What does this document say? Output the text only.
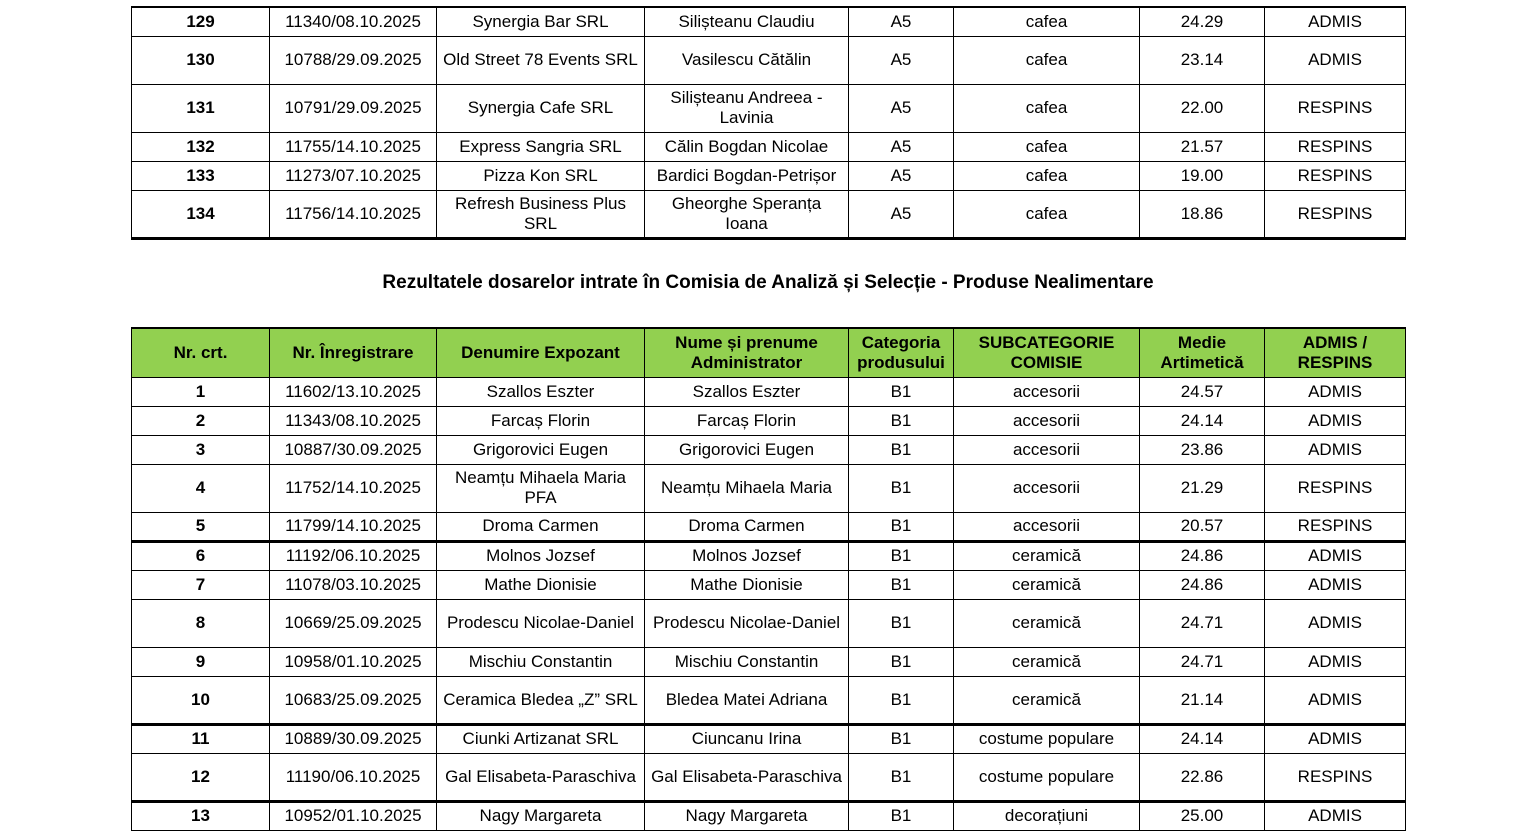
129	11340/08.10.2025	Synergia Bar SRL	Silișteanu Claudiu	A5	cafea	24.29	ADMIS
130	10788/29.09.2025	Old Street 78 Events SRL	Vasilescu Cătălin	A5	cafea	23.14	ADMIS
131	10791/29.09.2025	Synergia Cafe SRL	Silișteanu Andreea - Lavinia	A5	cafea	22.00	RESPINS
132	11755/14.10.2025	Express Sangria SRL	Călin Bogdan Nicolae	A5	cafea	21.57	RESPINS
133	11273/07.10.2025	Pizza Kon SRL	Bardici Bogdan-Petrișor	A5	cafea	19.00	RESPINS
134	11756/14.10.2025	Refresh Business Plus SRL	Gheorghe Speranța Ioana	A5	cafea	18.86	RESPINS
Rezultatele dosarelor intrate în Comisia de Analiză și Selecție - Produse Nealimentare
Nr. crt.	Nr. Înregistrare	Denumire Expozant	Nume și prenume Administrator	Categoria produsului	SUBCATEGORIE COMISIE	Medie Artimetică	ADMIS / RESPINS
1	11602/13.10.2025	Szallos Eszter	Szallos Eszter	B1	accesorii	24.57	ADMIS
2	11343/08.10.2025	Farcaș Florin	Farcaș Florin	B1	accesorii	24.14	ADMIS
3	10887/30.09.2025	Grigorovici Eugen	Grigorovici Eugen	B1	accesorii	23.86	ADMIS
4	11752/14.10.2025	Neamțu Mihaela Maria PFA	Neamțu Mihaela Maria	B1	accesorii	21.29	RESPINS
5	11799/14.10.2025	Droma Carmen	Droma Carmen	B1	accesorii	20.57	RESPINS
6	11192/06.10.2025	Molnos Jozsef	Molnos Jozsef	B1	ceramică	24.86	ADMIS
7	11078/03.10.2025	Mathe Dionisie	Mathe Dionisie	B1	ceramică	24.86	ADMIS
8	10669/25.09.2025	Prodescu Nicolae-Daniel	Prodescu Nicolae-Daniel	B1	ceramică	24.71	ADMIS
9	10958/01.10.2025	Mischiu Constantin	Mischiu Constantin	B1	ceramică	24.71	ADMIS
10	10683/25.09.2025	Ceramica Bledea „Z” SRL	Bledea Matei Adriana	B1	ceramică	21.14	ADMIS
11	10889/30.09.2025	Ciunki Artizanat SRL	Ciuncanu Irina	B1	costume populare	24.14	ADMIS
12	11190/06.10.2025	Gal Elisabeta-Paraschiva	Gal Elisabeta-Paraschiva	B1	costume populare	22.86	RESPINS
13	10952/01.10.2025	Nagy Margareta	Nagy Margareta	B1	decorațiuni	25.00	ADMIS
